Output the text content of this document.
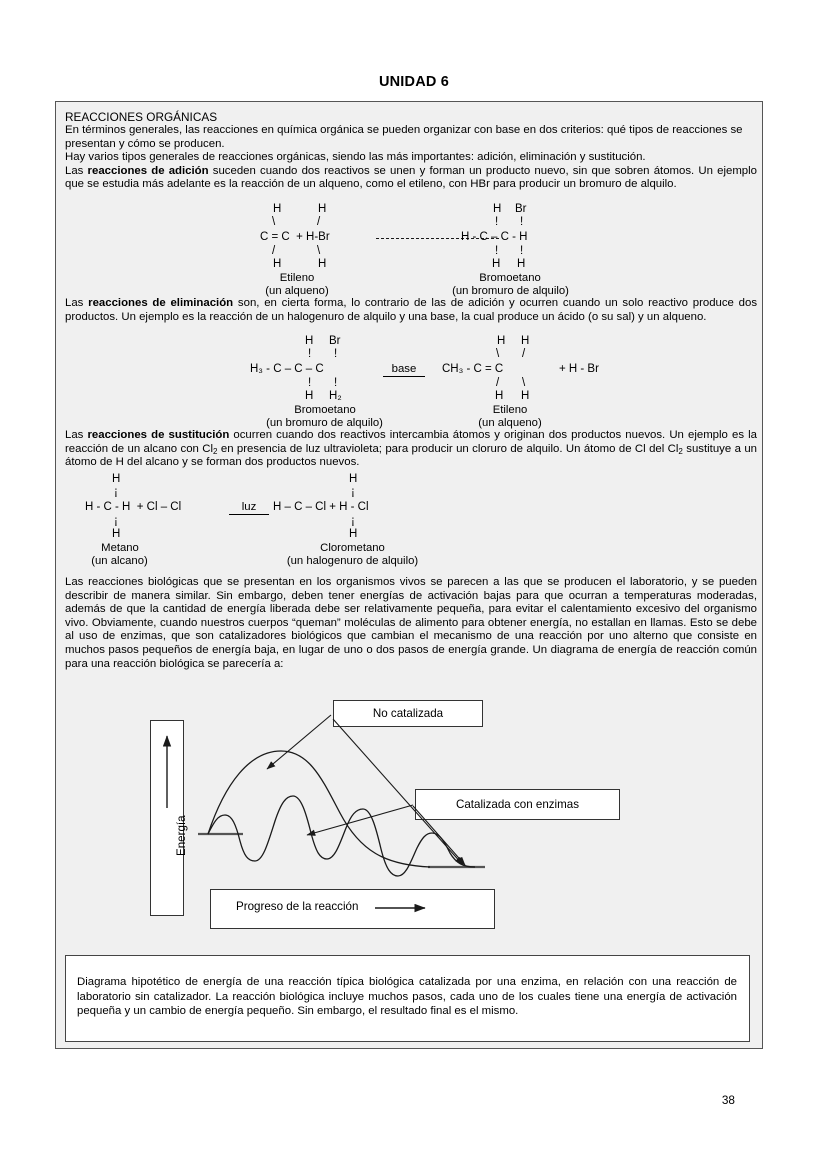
UNIDAD 6

REACCIONES ORGÁNICAS

En términos generales, las reacciones en química orgánica se pueden organizar con base en dos criterios: qué tipos de reacciones se presentan y cómo se producen.

Hay varios tipos generales de reacciones orgánicas, siendo las más importantes: adición, eliminación y sustitución.

Las reacciones de adición suceden cuando dos reactivos se unen y forman un producto nuevo, sin que sobren átomos. Un ejemplo que se estudia más adelante es la reacción de un alqueno, como el etileno, con HBr para producir un bromuro de alquilo.

H	H
\	/
C = C  + H-Br
/	\
H	H
Etileno
(un alqueno)
H Br
! !
H - C – C - H
! !
H H
Bromoetano
(un bromuro de alquilo)

Las reacciones de eliminación son, en cierta forma, lo contrario de las de adición y ocurren cuando un solo reactivo produce dos productos. Un ejemplo es la reacción de un halogenuro de alquilo y una base, la cual produce un ácido (o su sal) y un alqueno.

H Br
! !
H₃ - C – C – C
! !
H H₂
Bromoetano
(un bromuro de alquilo)
base
H H
\ /
CH₃ - C = C	+ H - Br
/ \
H H
Etileno
(un alqueno)

Las reacciones de sustitución ocurren cuando dos reactivos intercambia átomos y originan dos productos nuevos. Un ejemplo es la reacción de un alcano con $Cl_2$ en presencia de luz ultravioleta; para producir un cloruro de alquilo. Un átomo de Cl del $Cl_2$ sustituye a un átomo de H del alcano y se forman dos productos nuevos.

H
¡
H - C - H  + Cl – Cl
¡
H
Metano
(un alcano)
luz
H
¡
H – C – Cl + H - Cl
¡
H
Clorometano
(un halogenuro de alquilo)

Las reacciones biológicas que se presentan en los organismos vivos se parecen a las que se producen el laboratorio, y se pueden describir de manera similar. Sin embargo, deben tener energías de activación bajas para que ocurran a temperaturas moderadas, además de que la cantidad de energía liberada debe ser relativamente pequeña, para evitar el calentamiento excesivo del organismo vivo. Obviamente, cuando nuestros cuerpos “queman” moléculas de alimento para obtener energía, no estallan en llamas. Esto se debe al uso de enzimas, que son catalizadores biológicos que cambian el mecanismo de una reacción por uno alterno que consiste en muchos pasos pequeños de energía baja, en lugar de uno o dos pasos de energía grande. Un diagrama de energía de reacción común para una reacción biológica se parecería a:

Energía
Progreso de la reacción
No catalizada
Catalizada con enzimas

Diagrama hipotético de energía de una reacción típica biológica catalizada por una enzima, en relación con una reacción de laboratorio sin catalizador. La reacción biológica incluye muchos pasos, cada uno de los cuales tiene una energía de activación pequeña y un cambio de energía pequeño. Sin embargo, el resultado final es el mismo.

38
